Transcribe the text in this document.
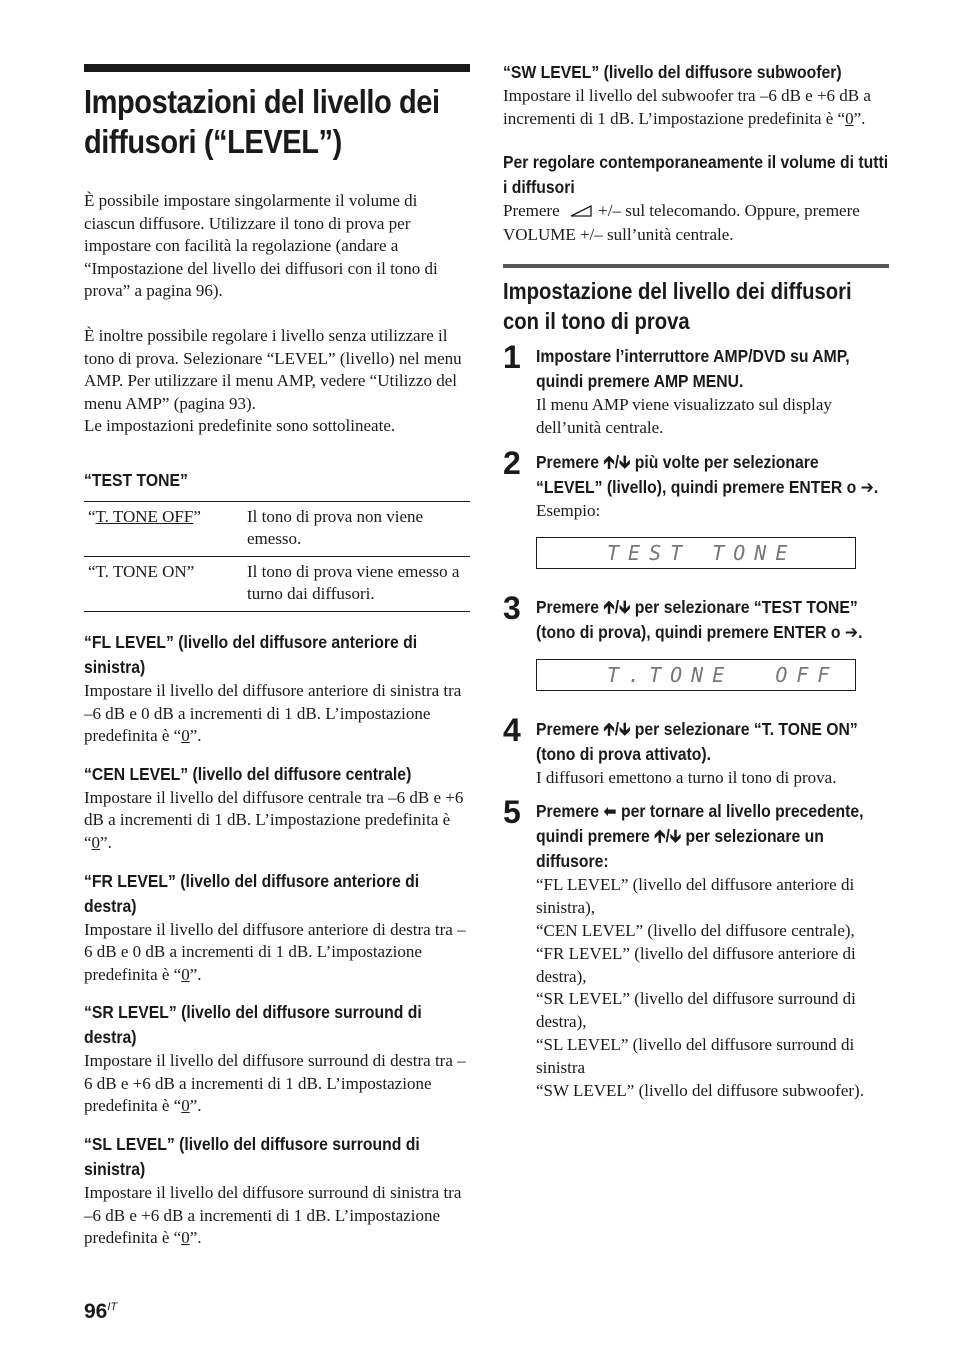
Impostazioni del livello dei diffusori (“LEVEL”)

È possibile impostare singolarmente il volume di ciascun diffusore. Utilizzare il tono di prova per impostare con facilità la regolazione (andare a “Impostazione del livello dei diffusori con il tono di prova” a pagina 96).

È inoltre possibile regolare i livello senza utilizzare il tono di prova. Selezionare “LEVEL” (livello) nel menu AMP. Per utilizzare il menu AMP, vedere “Utilizzo del menu AMP” (pagina 93).

Le impostazioni predefinite sono sottolineate.

“TEST TONE”
“T. TONE OFF”	Il tono di prova non viene emesso.
“T. TONE ON”	Il tono di prova viene emesso a turno dai diffusori.
“FL LEVEL” (livello del diffusore anteriore di sinistra)

Impostare il livello del diffusore anteriore di sinistra tra –6 dB e 0 dB a incrementi di 1 dB. L’impostazione predefinita è “0”.

“CEN LEVEL” (livello del diffusore centrale)

Impostare il livello del diffusore centrale tra –6 dB e +6 dB a incrementi di 1 dB. L’impostazione predefinita è “0”.

“FR LEVEL” (livello del diffusore anteriore di destra)

Impostare il livello del diffusore anteriore di destra tra –6 dB e 0 dB a incrementi di 1 dB. L’impostazione predefinita è “0”.

“SR LEVEL” (livello del diffusore surround di destra)

Impostare il livello del diffusore surround di destra tra –6 dB e +6 dB a incrementi di 1 dB. L’impostazione predefinita è “0”.

“SL LEVEL” (livello del diffusore surround di sinistra)

Impostare il livello del diffusore surround di sinistra tra –6 dB e +6 dB a incrementi di 1 dB. L’impostazione predefinita è “0”.

“SW LEVEL” (livello del diffusore subwoofer)

Impostare il livello del subwoofer tra –6 dB e +6 dB a incrementi di 1 dB. L’impostazione predefinita è “0”.

Per regolare contemporaneamente il volume di tutti i diffusori

Premere  +/– sul telecomando. Oppure, premere VOLUME +/– sull’unità centrale.

Impostazione del livello dei diffusori con il tono di prova
1 Impostare l’interruttore AMP/DVD su AMP, quindi premere AMP MENU.

Il menu AMP viene visualizzato sul display dell’unità centrale.

2 Premere 🡱/🡳 più volte per selezionare “LEVEL” (livello), quindi premere ENTER o ➔.

Esempio:

TEST TONE
3 Premere 🡱/🡳 per selezionare “TEST TONE” (tono di prova), quindi premere ENTER o ➔.
T.TONE  OFF
4 Premere 🡱/🡳 per selezionare “T. TONE ON” (tono di prova attivato).

I diffusori emettono a turno il tono di prova.

5 Premere ⬅ per tornare al livello precedente, quindi premere 🡱/🡳 per selezionare un diffusore:

“FL LEVEL” (livello del diffusore anteriore di sinistra),

“CEN LEVEL” (livello del diffusore centrale),

“FR LEVEL” (livello del diffusore anteriore di destra),

“SR LEVEL” (livello del diffusore surround di destra),

“SL LEVEL” (livello del diffusore surround di sinistra

“SW LEVEL” (livello del diffusore subwoofer).

$96^{IT}$
